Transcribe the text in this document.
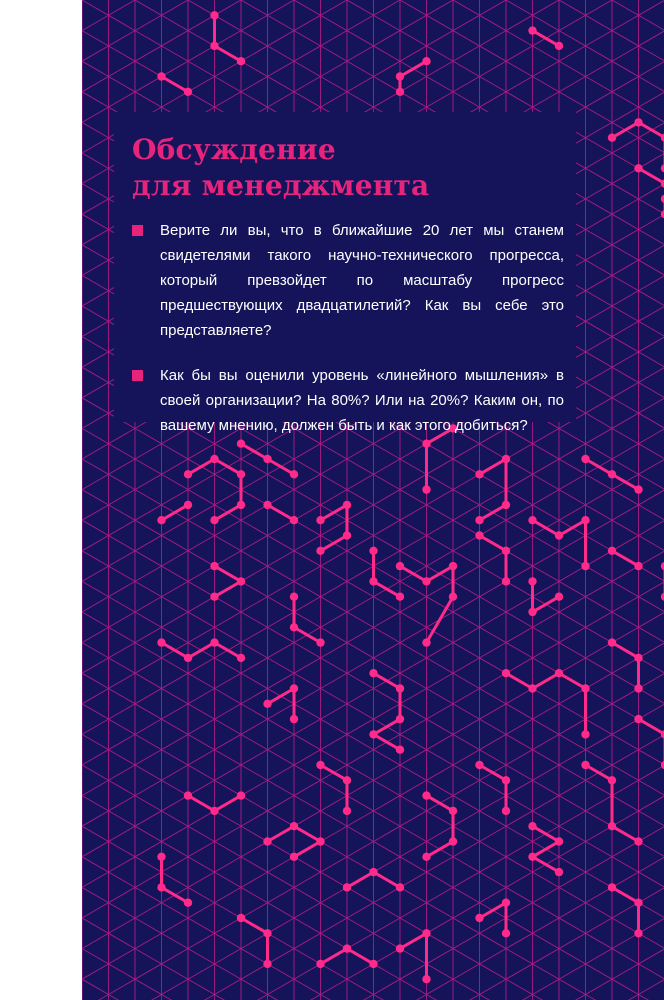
Обсуждение
для менеджмента
Верите ли вы, что в ближайшие 20 лет мы станем свидетелями такого научно-технического прогресса, который превзойдет по масштабу прогресс предшествующих двадцатилетий? Как вы себе это представляете?
Как бы вы оценили уровень «линейного мышления» в своей организации? На 80%? Или на 20%? Каким он, по вашему мнению, должен быть и как этого добиться?
